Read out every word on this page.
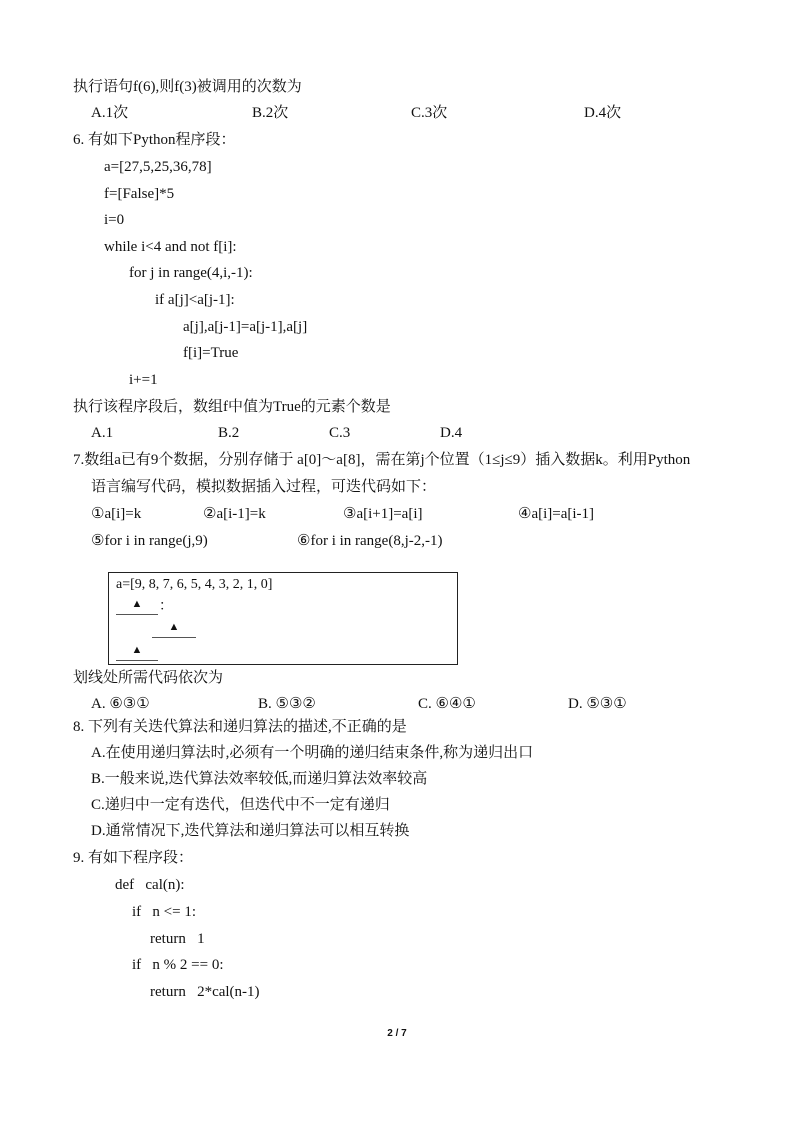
执行语句f(6),则f(3)被调用的次数为
A.1次	B.2次	C.3次	D.4次
6. 有如下Python程序段：
a=[27,5,25,36,78]
f=[False]*5
i=0
while i<4 and not f[i]:
for j in range(4,i,-1):
if a[j]<a[j-1]:
a[j],a[j-1]=a[j-1],a[j]
f[i]=True
i+=1
执行该程序段后，数组f中值为True的元素个数是
A.1	B.2	C.3	D.4
7.数组a已有9个数据，分别存储于 a[0]～a[8]，需在第j个位置（1≤j≤9）插入数据k。利用Python
语言编写代码，模拟数据插入过程，可迭代码如下：
①a[i]=k	②a[i-1]=k	③a[i+1]=a[i]	④a[i]=a[i-1]
⑤for i in range(j,9)	⑥for i in range(8,j-2,-1)
a=[9, 8, 7, 6, 5, 4, 3, 2, 1, 0]
▲	：
▲
▲
划线处所需代码依次为
A. ⑥③①	B. ⑤③②	C. ⑥④①	D. ⑤③①
8. 下列有关迭代算法和递归算法的描述,不正确的是
A.在使用递归算法时,必须有一个明确的递归结束条件,称为递归出口
B.一般来说,迭代算法效率较低,而递归算法效率较高
C.递归中一定有迭代，但迭代中不一定有递归
D.通常情况下,迭代算法和递归算法可以相互转换
9. 有如下程序段：
def   cal(n):
if   n <= 1:
return   1
if   n % 2 == 0:
return   2*cal(n-1)
2 / 7
